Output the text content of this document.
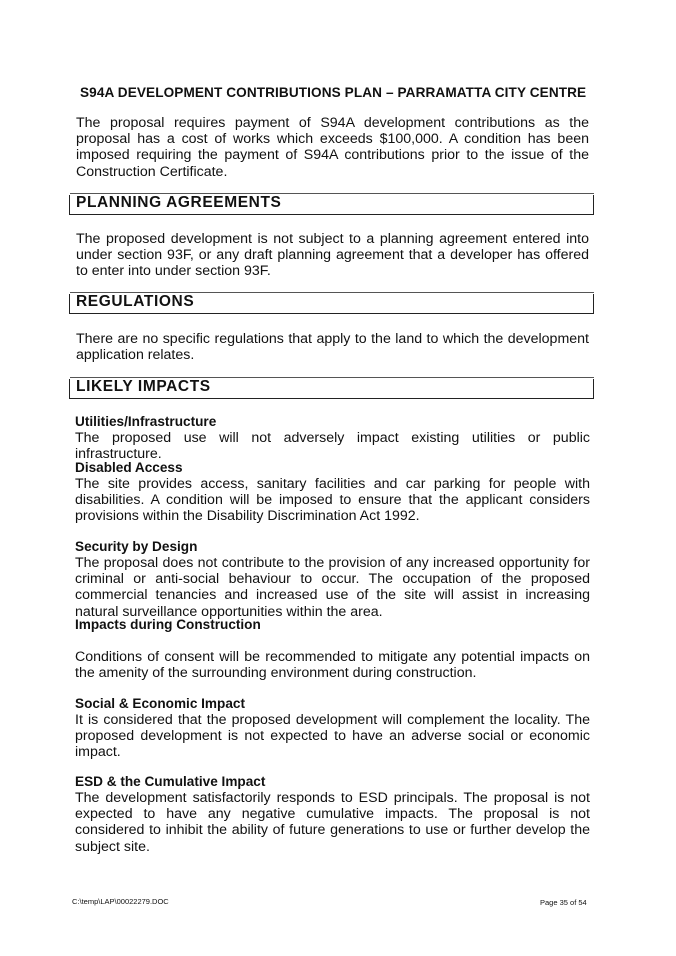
S94A DEVELOPMENT CONTRIBUTIONS PLAN – PARRAMATTA CITY CENTRE
The proposal requires payment of S94A development contributions as the proposal has a cost of works which exceeds $100,000. A condition has been imposed requiring the payment of S94A contributions prior to the issue of the Construction Certificate.
PLANNING AGREEMENTS
The proposed development is not subject to a planning agreement entered into under section 93F, or any draft planning agreement that a developer has offered to enter into under section 93F.
REGULATIONS
There are no specific regulations that apply to the land to which the development application relates.
LIKELY IMPACTS
Utilities/Infrastructure
The proposed use will not adversely impact existing utilities or public infrastructure.
Disabled Access
The site provides access, sanitary facilities and car parking for people with disabilities. A condition will be imposed to ensure that the applicant considers provisions within the Disability Discrimination Act 1992.
Security by Design
The proposal does not contribute to the provision of any increased opportunity for criminal or anti-social behaviour to occur. The occupation of the proposed commercial tenancies and increased use of the site will assist in increasing natural surveillance opportunities within the area.
Impacts during Construction
Conditions of consent will be recommended to mitigate any potential impacts on the amenity of the surrounding environment during construction.
Social & Economic Impact
It is considered that the proposed development will complement the locality. The proposed development is not expected to have an adverse social or economic impact.
ESD & the Cumulative Impact
The development satisfactorily responds to ESD principals. The proposal is not expected to have any negative cumulative impacts. The proposal is not considered to inhibit the ability of future generations to use or further develop the subject site.
C:\temp\LAP\00022279.DOC	Page 35 of 54
